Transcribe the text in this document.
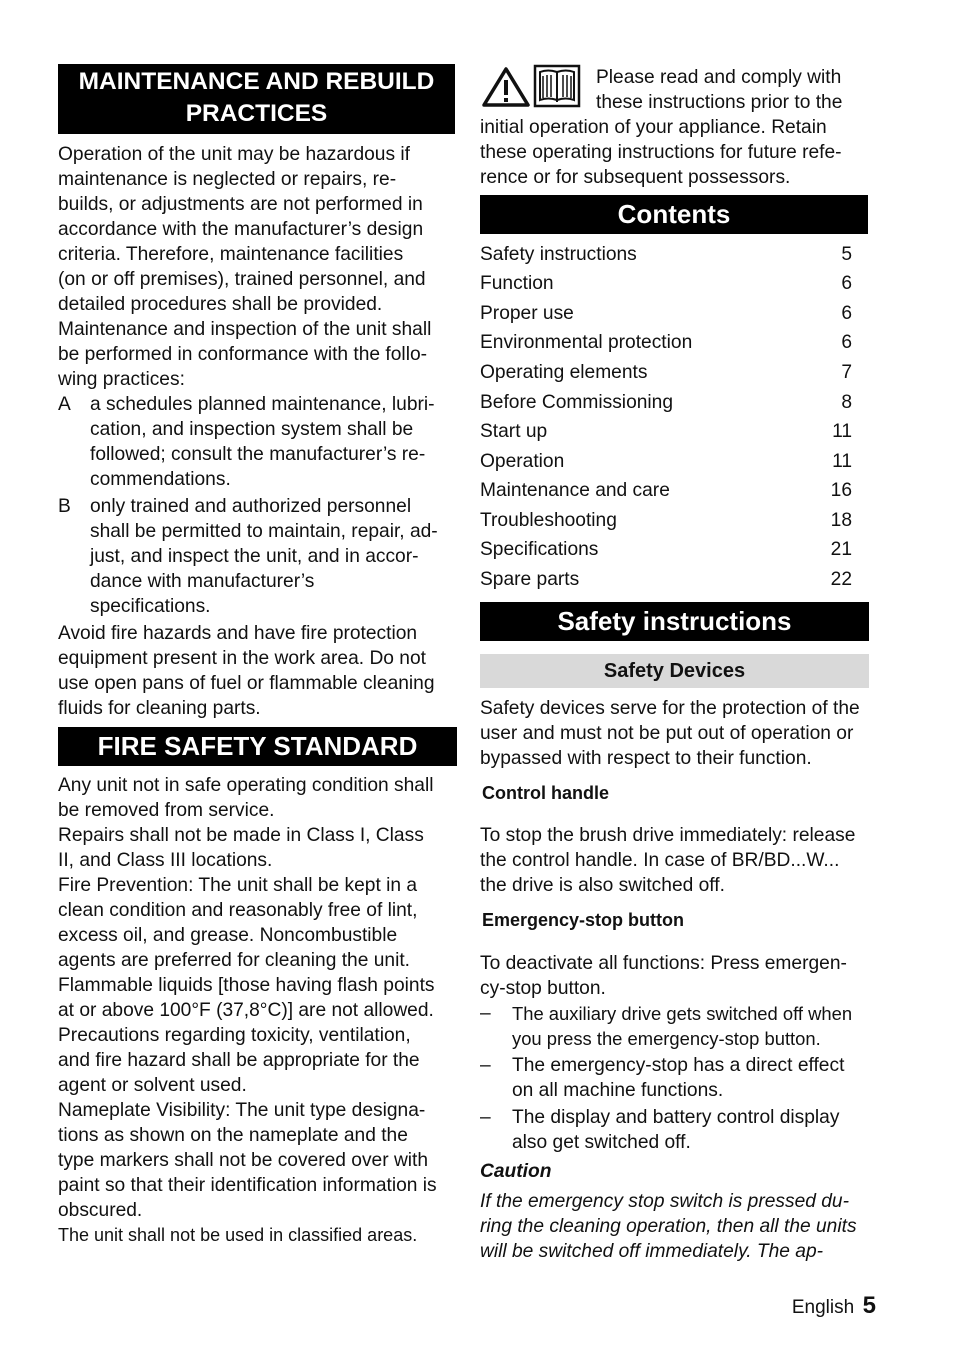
MAINTENANCE AND REBUILD
PRACTICES

Operation of the unit may be hazardous if

maintenance is neglected or repairs, re-

builds, or adjustments are not performed in

accordance with the manufacturer’s design

criteria. Therefore, maintenance facilities

(on or off premises), trained personnel, and

detailed procedures shall be provided.

Maintenance and inspection of the unit shall

be performed in conformance with the follo-

wing practices:

A a schedules planned maintenance, lubri-

cation, and inspection system shall be

followed; consult the manufacturer’s re-

commendations.

B only trained and authorized personnel

shall be permitted to maintain, repair, ad-

just, and inspect the unit, and in accor-

dance with manufacturer’s

specifications.

Avoid fire hazards and have fire protection

equipment present in the work area. Do not

use open pans of fuel or flammable cleaning

fluids for cleaning parts.

FIRE SAFETY STANDARD

Any unit not in safe operating condition shall

be removed from service.

Repairs shall not be made in Class I, Class

II, and Class III locations.

Fire Prevention: The unit shall be kept in a

clean condition and reasonably free of lint,

excess oil, and grease. Noncombustible

agents are preferred for cleaning the unit.

Flammable liquids [those having flash points

at or above 100°F (37,8°C)] are not allowed.

Precautions regarding toxicity, ventilation,

and fire hazard shall be appropriate for the

agent or solvent used.

Nameplate Visibility: The unit type designa-

tions as shown on the nameplate and the

type markers shall not be covered over with

paint so that their identification information is

obscured.

The unit shall not be used in classified areas.

Please read and comply with

these instructions prior to the

initial operation of your appliance. Retain

these operating instructions for future refe-

rence or for subsequent possessors.

Contents
Safety instructions	5
Function	6
Proper use	6
Environmental protection	6
Operating elements	7
Before Commissioning	8
Start up	11
Operation	11
Maintenance and care	16
Troubleshooting	18
Specifications	21
Spare parts	22
Safety instructions
Safety Devices

Safety devices serve for the protection of the

user and must not be put out of operation or

bypassed with respect to their function.

Control handle

To stop the brush drive immediately: release

the control handle. In case of BR/BD...W...

the drive is also switched off.

Emergency-stop button

To deactivate all functions: Press emergen-

cy-stop button.

– The auxiliary drive gets switched off when

you press the emergency-stop button.

– The emergency-stop has a direct effect

on all machine functions.

– The display and battery control display

also get switched off.

Caution

If the emergency stop switch is pressed du-

ring the cleaning operation, then all the units

will be switched off immediately. The ap-

English 5
